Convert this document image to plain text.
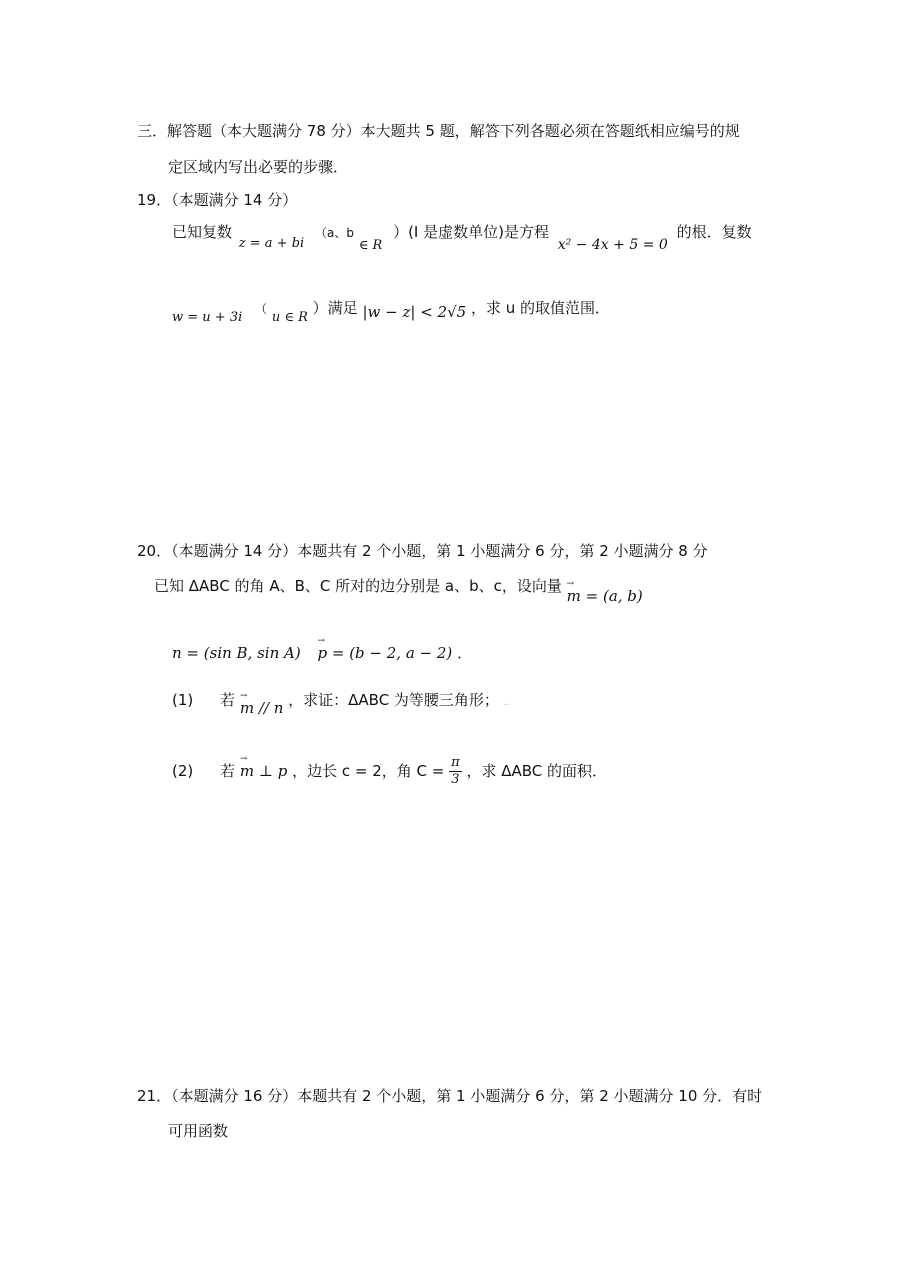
三．解答题（本大题满分 78 分）本大题共 5 题，解答下列各题必须在答题纸相应编号的规
定区域内写出必要的步骤．
19．（本题满分 14 分）
已知复数 z = a + bi （a、b ∈ R ）(I 是虚数单位)是方程 x² − 4x + 5 = 0 的根．复数
w = u + 3i （ u ∈ R ）满足 |w − z| < 2√5 ，求 u 的取值范围．
20．（本题满分 14 分）本题共有 2 个小题，第 1 小题满分 6 分，第 2 小题满分 8 分
已知 ΔABC 的角 A、B、C 所对的边分别是 a、b、c，设向量 → m = (a, b)
n = (sin B, sin A) → p = (b − 2, a − 2) ．
(1) 若 → m // n ，求证：ΔABC 为等腰三角形； ..
(2) 若 → m ⊥ p ，边长 c = 2，角 $C = \frac{\pi}{3}$ ，求 ΔABC 的面积．
21．（本题满分 16 分）本题共有 2 个小题，第 1 小题满分 6 分，第 2 小题满分 10 分．有时
可用函数
